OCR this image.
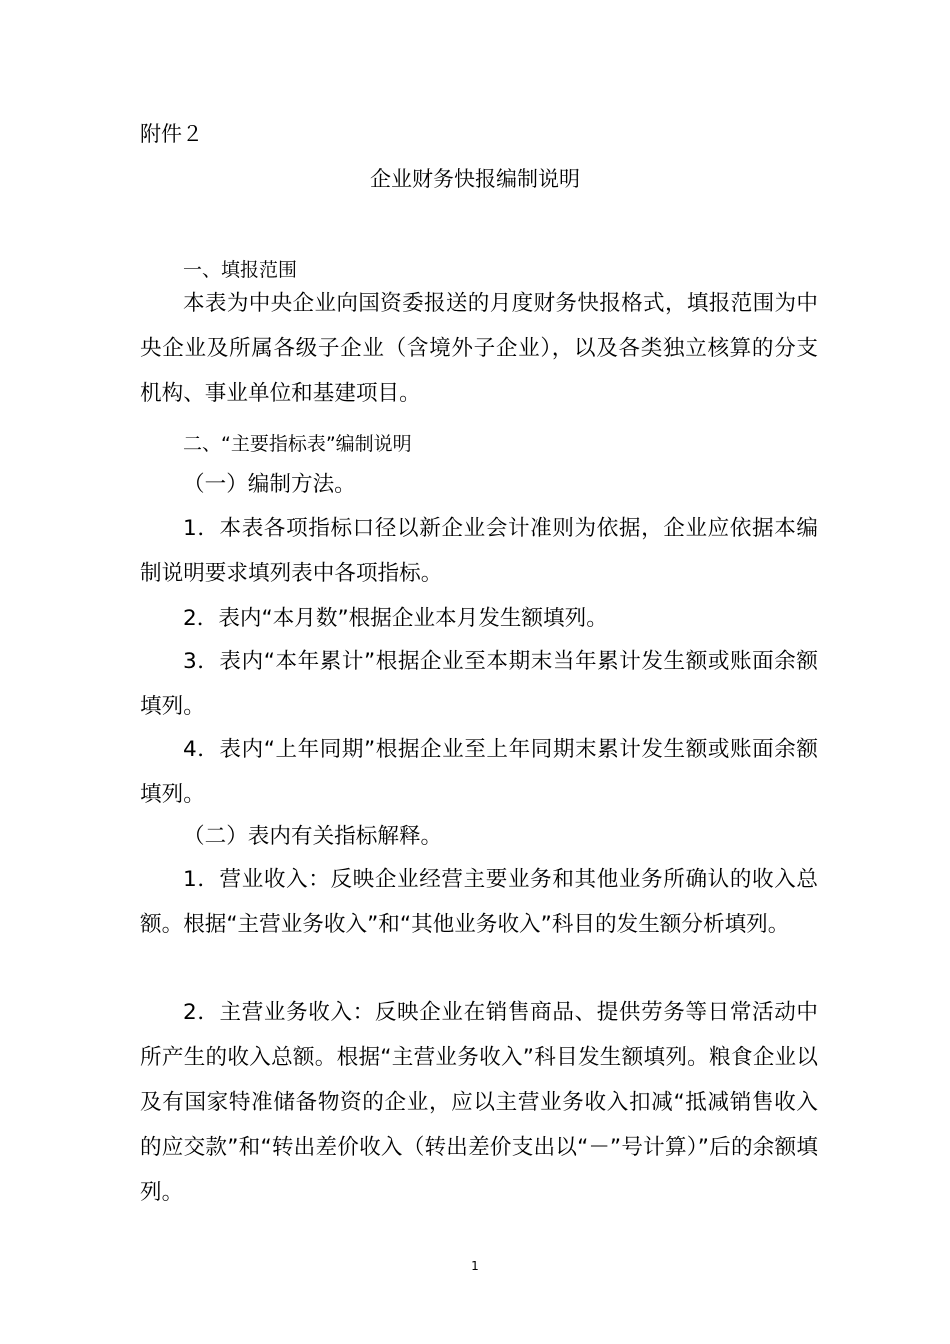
附件２
企业财务快报编制说明

一、填报范围

本表为中央企业向国资委报送的月度财务快报格式，填报范围为中央企业及所属各级子企业（含境外子企业），以及各类独立核算的分支机构、事业单位和基建项目。

二、“主要指标表”编制说明

（一）编制方法。

1．本表各项指标口径以新企业会计准则为依据，企业应依据本编制说明要求填列表中各项指标。

2．表内“本月数”根据企业本月发生额填列。

3．表内“本年累计”根据企业至本期末当年累计发生额或账面余额填列。

4．表内“上年同期”根据企业至上年同期末累计发生额或账面余额填列。

（二）表内有关指标解释。

1．营业收入：反映企业经营主要业务和其他业务所确认的收入总额。根据“主营业务收入”和“其他业务收入”科目的发生额分析填列。

2．主营业务收入：反映企业在销售商品、提供劳务等日常活动中所产生的收入总额。根据“主营业务收入”科目发生额填列。粮食企业以及有国家特准储备物资的企业，应以主营业务收入扣减“抵减销售收入的应交款”和“转出差价收入（转出差价支出以“－”号计算）”后的余额填列。

1
